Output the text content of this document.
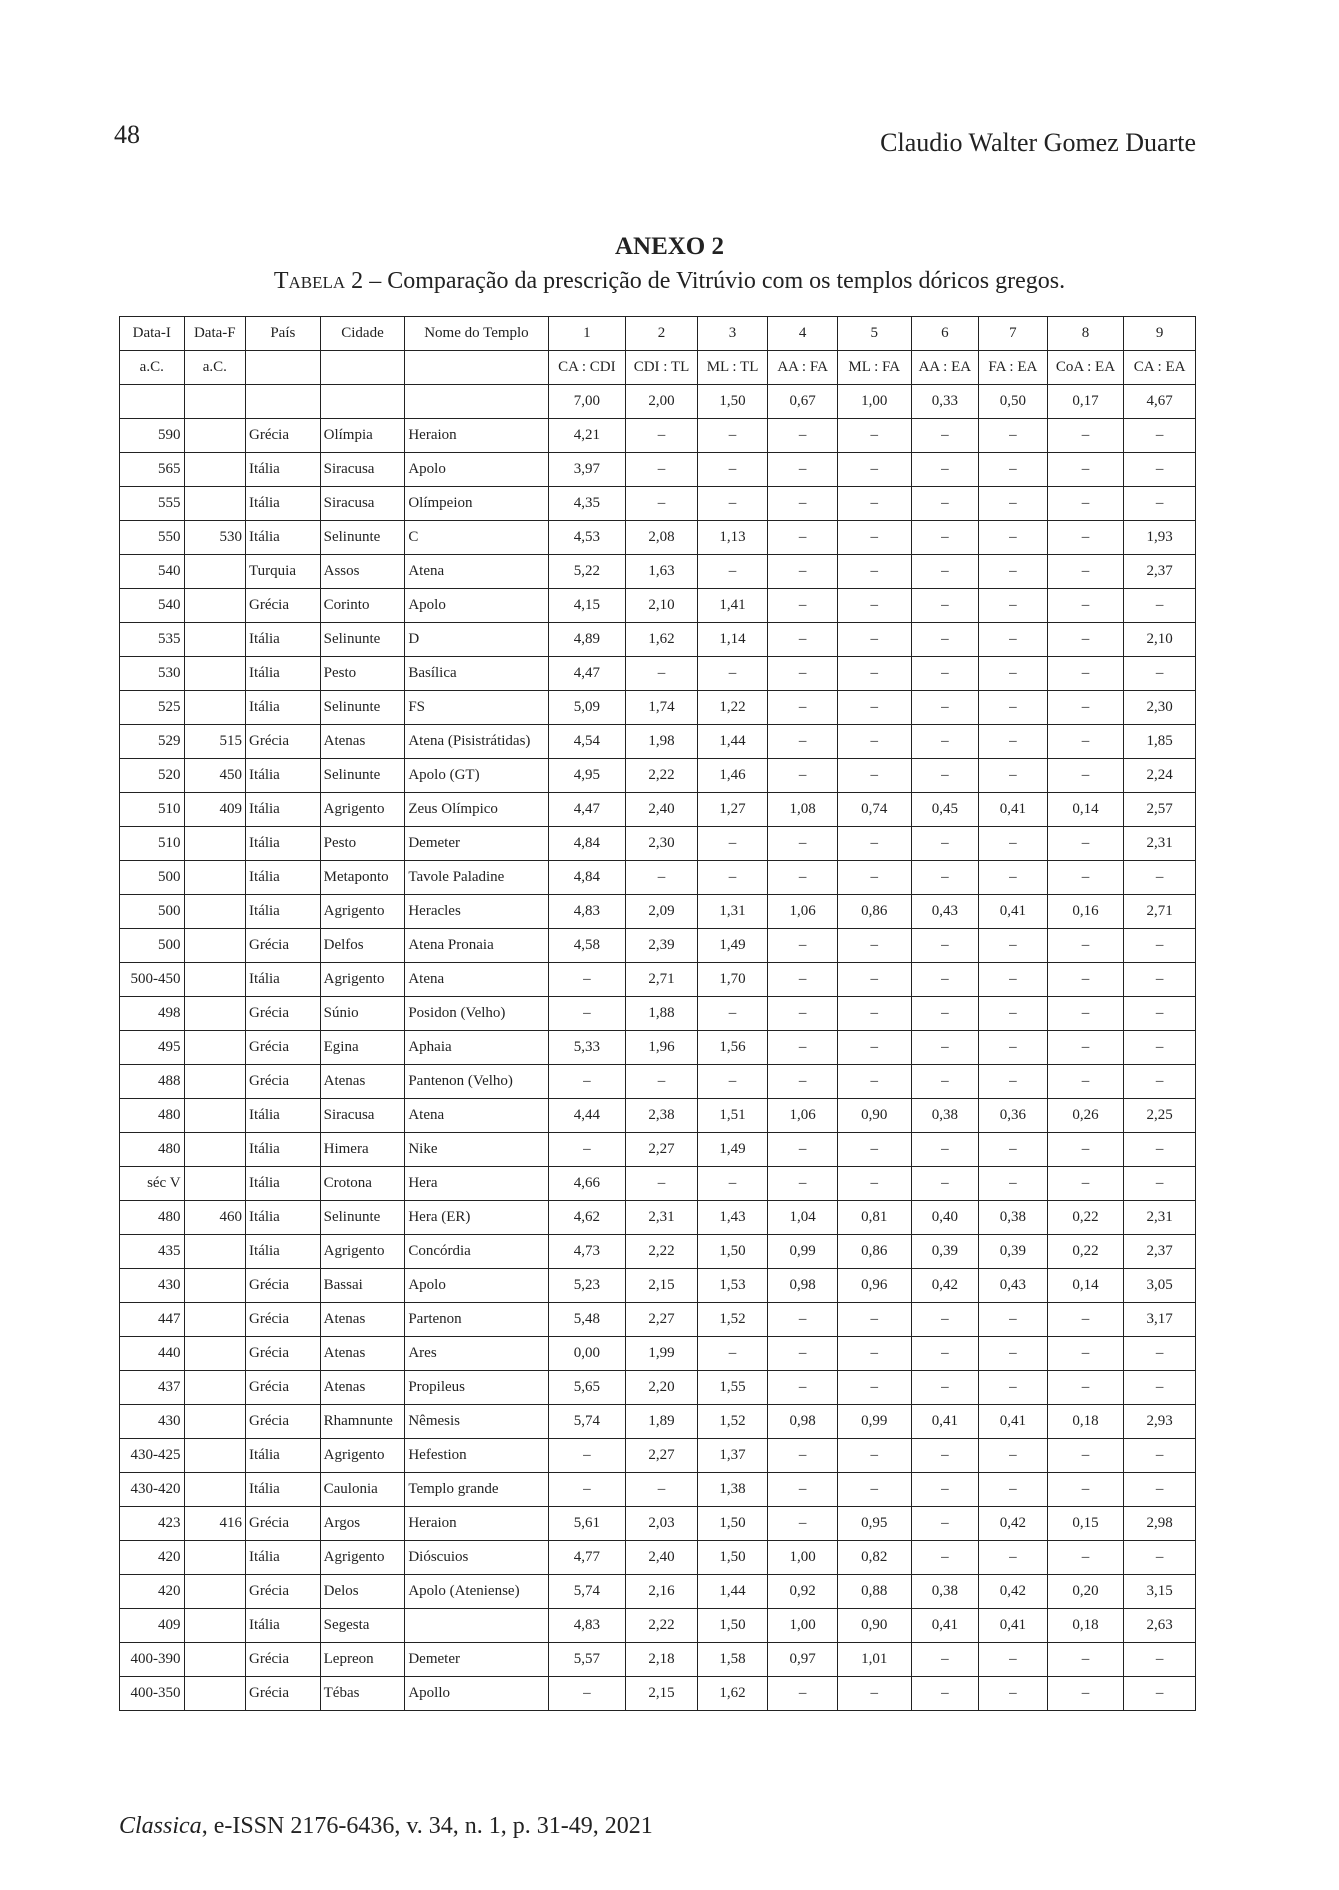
48	Claudio Walter Gomez Duarte
ANEXO 2
Tabela 2 – Comparação da prescrição de Vitrúvio com os templos dóricos gregos.
Data-I	Data-F	País	Cidade	Nome do Templo	1	2	3	4	5	6	7	8	9
a.C.	a.C.				CA : CDI	CDI : TL	ML : TL	AA : FA	ML : FA	AA : EA	FA : EA	CoA : EA	CA : EA
					7,00	2,00	1,50	0,67	1,00	0,33	0,50	0,17	4,67
590		Grécia	Olímpia	Heraion	4,21	–	–	–	–	–	–	–	–
565		Itália	Siracusa	Apolo	3,97	–	–	–	–	–	–	–	–
555		Itália	Siracusa	Olímpeion	4,35	–	–	–	–	–	–	–	–
550	530	Itália	Selinunte	C	4,53	2,08	1,13	–	–	–	–	–	1,93
540		Turquia	Assos	Atena	5,22	1,63	–	–	–	–	–	–	2,37
540		Grécia	Corinto	Apolo	4,15	2,10	1,41	–	–	–	–	–	–
535		Itália	Selinunte	D	4,89	1,62	1,14	–	–	–	–	–	2,10
530		Itália	Pesto	Basílica	4,47	–	–	–	–	–	–	–	–
525		Itália	Selinunte	FS	5,09	1,74	1,22	–	–	–	–	–	2,30
529	515	Grécia	Atenas	Atena (Pisistrátidas)	4,54	1,98	1,44	–	–	–	–	–	1,85
520	450	Itália	Selinunte	Apolo (GT)	4,95	2,22	1,46	–	–	–	–	–	2,24
510	409	Itália	Agrigento	Zeus Olímpico	4,47	2,40	1,27	1,08	0,74	0,45	0,41	0,14	2,57
510		Itália	Pesto	Demeter	4,84	2,30	–	–	–	–	–	–	2,31
500		Itália	Metaponto	Tavole Paladine	4,84	–	–	–	–	–	–	–	–
500		Itália	Agrigento	Heracles	4,83	2,09	1,31	1,06	0,86	0,43	0,41	0,16	2,71
500		Grécia	Delfos	Atena Pronaia	4,58	2,39	1,49	–	–	–	–	–	–
500-450		Itália	Agrigento	Atena	–	2,71	1,70	–	–	–	–	–	–
498		Grécia	Súnio	Posidon (Velho)	–	1,88	–	–	–	–	–	–	–
495		Grécia	Egina	Aphaia	5,33	1,96	1,56	–	–	–	–	–	–
488		Grécia	Atenas	Pantenon (Velho)	–	–	–	–	–	–	–	–	–
480		Itália	Siracusa	Atena	4,44	2,38	1,51	1,06	0,90	0,38	0,36	0,26	2,25
480		Itália	Himera	Nike	–	2,27	1,49	–	–	–	–	–	–
séc V		Itália	Crotona	Hera	4,66	–	–	–	–	–	–	–	–
480	460	Itália	Selinunte	Hera (ER)	4,62	2,31	1,43	1,04	0,81	0,40	0,38	0,22	2,31
435		Itália	Agrigento	Concórdia	4,73	2,22	1,50	0,99	0,86	0,39	0,39	0,22	2,37
430		Grécia	Bassai	Apolo	5,23	2,15	1,53	0,98	0,96	0,42	0,43	0,14	3,05
447		Grécia	Atenas	Partenon	5,48	2,27	1,52	–	–	–	–	–	3,17
440		Grécia	Atenas	Ares	0,00	1,99	–	–	–	–	–	–	–
437		Grécia	Atenas	Propileus	5,65	2,20	1,55	–	–	–	–	–	–
430		Grécia	Rhamnunte	Nêmesis	5,74	1,89	1,52	0,98	0,99	0,41	0,41	0,18	2,93
430-425		Itália	Agrigento	Hefestion	–	2,27	1,37	–	–	–	–	–	–
430-420		Itália	Caulonia	Templo grande	–	–	1,38	–	–	–	–	–	–
423	416	Grécia	Argos	Heraion	5,61	2,03	1,50	–	0,95	–	0,42	0,15	2,98
420		Itália	Agrigento	Dióscuios	4,77	2,40	1,50	1,00	0,82	–	–	–	–
420		Grécia	Delos	Apolo (Ateniense)	5,74	2,16	1,44	0,92	0,88	0,38	0,42	0,20	3,15
409		Itália	Segesta		4,83	2,22	1,50	1,00	0,90	0,41	0,41	0,18	2,63
400-390		Grécia	Lepreon	Demeter	5,57	2,18	1,58	0,97	1,01	–	–	–	–
400-350		Grécia	Tébas	Apollo	–	2,15	1,62	–	–	–	–	–	–
Classica, e-ISSN 2176-6436, v. 34, n. 1, p. 31-49, 2021
